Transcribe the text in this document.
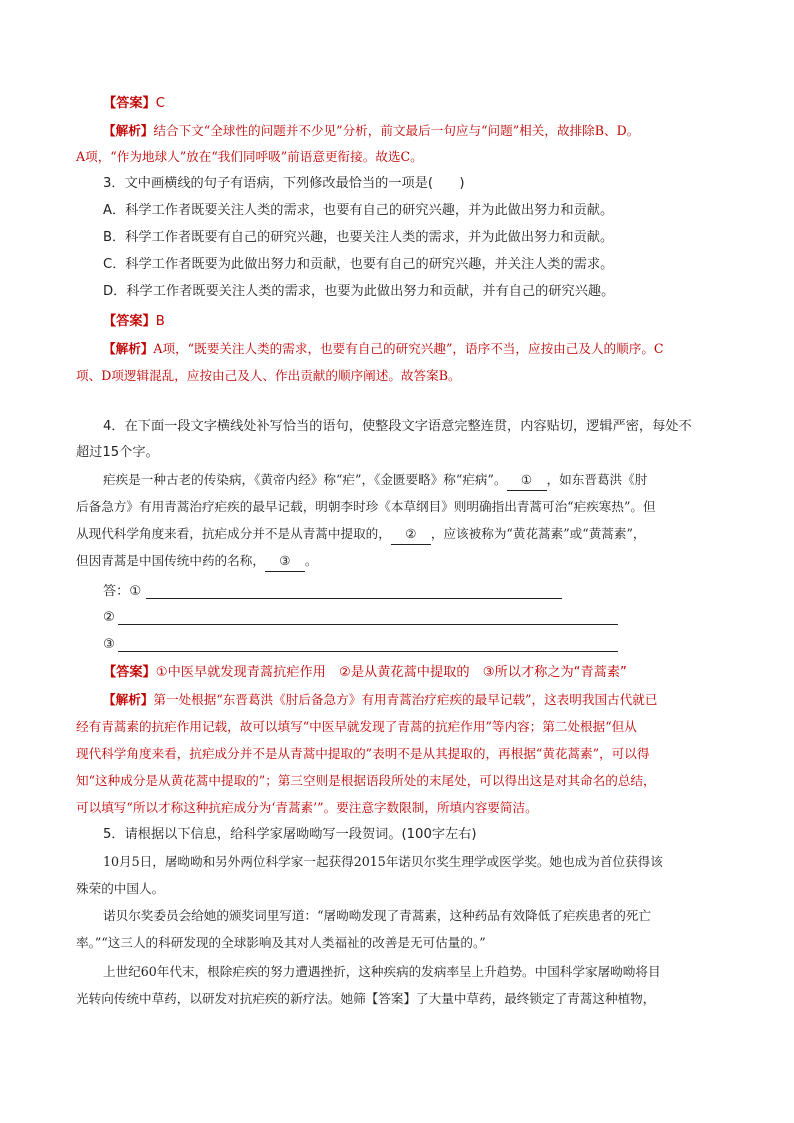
【答案】C
【解析】结合下文“全球性的问题并不少见”分析，前文最后一句应与“问题”相关，故排除B、D。
A项，“作为地球人”放在“我们同呼吸”前语意更衔接。故选C。
3．文中画横线的句子有语病，下列修改最恰当的一项是(　　)
A．科学工作者既要关注人类的需求，也要有自己的研究兴趣，并为此做出努力和贡献。
B．科学工作者既要有自己的研究兴趣，也要关注人类的需求，并为此做出努力和贡献。
C．科学工作者既要为此做出努力和贡献，也要有自己的研究兴趣，并关注人类的需求。
D．科学工作者既要关注人类的需求，也要为此做出努力和贡献，并有自己的研究兴趣。
【答案】B
【解析】A项，“既要关注人类的需求，也要有自己的研究兴趣”，语序不当，应按由己及人的顺序。C
项、D项逻辑混乱，应按由己及人、作出贡献的顺序阐述。故答案B。
4．在下面一段文字横线处补写恰当的语句，使整段文字语意完整连贯，内容贴切，逻辑严密，每处不
超过15个字。
疟疾是一种古老的传染病，《黄帝内经》称“疟”，《金匮要略》称“疟病”。 ① ，如东晋葛洪《肘
后备急方》有用青蒿治疗疟疾的最早记载，明朝李时珍《本草纲目》则明确指出青蒿可治“疟疾寒热”。但
从现代科学角度来看，抗疟成分并不是从青蒿中提取的， ② ，应该被称为“黄花蒿素”或“黄蒿素”，
但因青蒿是中国传统中药的名称， ③ 。
答：①
②
③
【答案】①中医早就发现青蒿抗疟作用　②是从黄花蒿中提取的　③所以才称之为“青蒿素”
【解析】第一处根据“东晋葛洪《肘后备急方》有用青蒿治疗疟疾的最早记载”，这表明我国古代就已
经有青蒿素的抗疟作用记载，故可以填写“中医早就发现了青蒿的抗疟作用”等内容；第二处根据“但从
现代科学角度来看，抗疟成分并不是从青蒿中提取的”表明不是从其提取的，再根据“黄花蒿素”，可以得
知“这种成分是从黄花蒿中提取的”；第三空则是根据语段所处的末尾处，可以得出这是对其命名的总结，
可以填写“所以才称这种抗疟成分为‘青蒿素’”。要注意字数限制，所填内容要简洁。
5．请根据以下信息，给科学家屠呦呦写一段贺词。(100字左右)
10月5日，屠呦呦和另外两位科学家一起获得2015年诺贝尔奖生理学或医学奖。她也成为首位获得该
殊荣的中国人。
诺贝尔奖委员会给她的颁奖词里写道：“屠呦呦发现了青蒿素，这种药品有效降低了疟疾患者的死亡
率。”“这三人的科研发现的全球影响及其对人类福祉的改善是无可估量的。”
上世纪60年代末，根除疟疾的努力遭遇挫折，这种疾病的发病率呈上升趋势。中国科学家屠呦呦将目
光转向传统中草药，以研发对抗疟疾的新疗法。她筛【答案】了大量中草药，最终锁定了青蒿这种植物，
